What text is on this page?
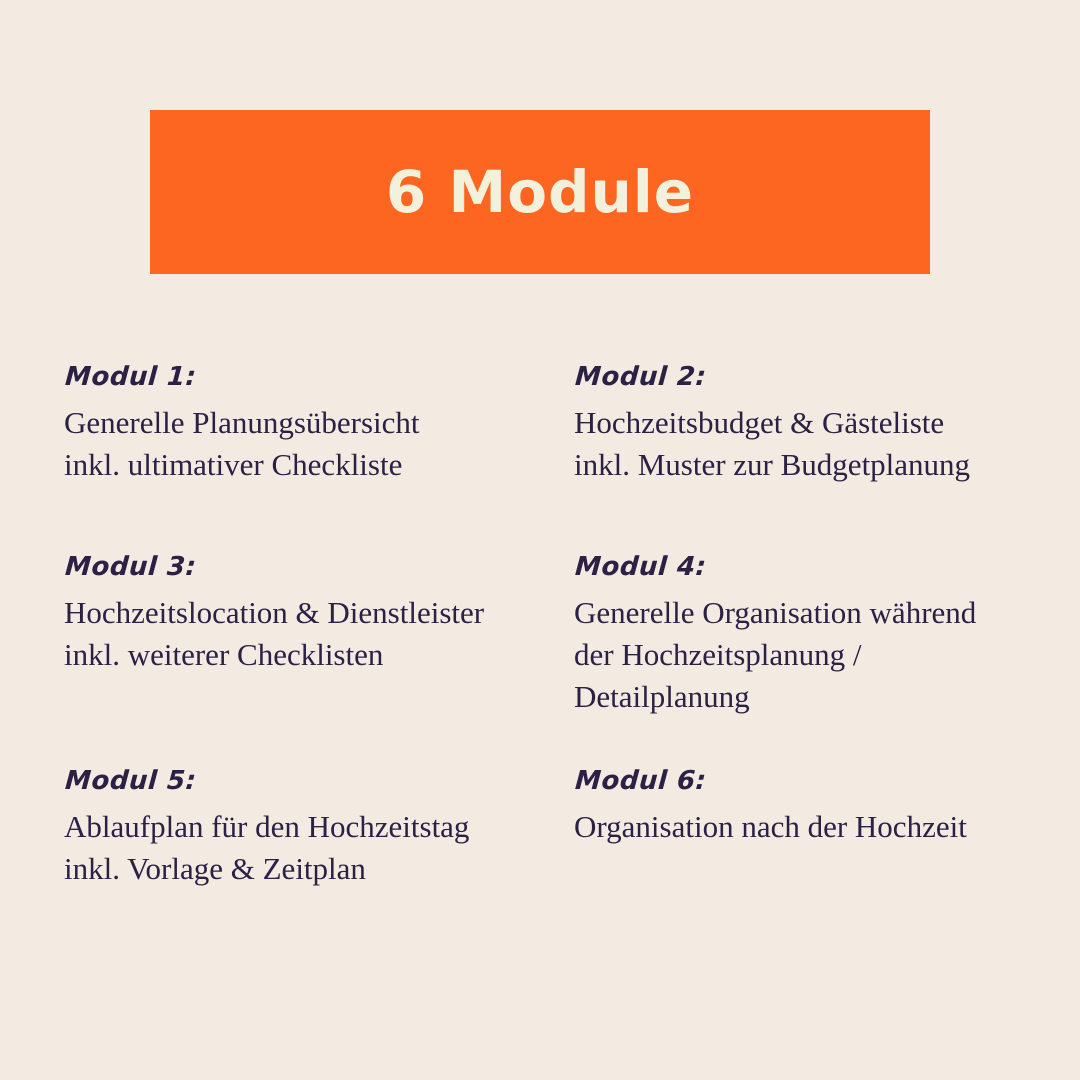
6 Module
Modul 1:
Generelle Planungsübersicht
inkl. ultimativer Checkliste
Modul 2:
Hochzeitsbudget & Gästeliste
inkl. Muster zur Budgetplanung
Modul 3:
Hochzeitslocation & Dienstleister
inkl. weiterer Checklisten
Modul 4:
Generelle Organisation während
der Hochzeitsplanung /
Detailplanung
Modul 5:
Ablaufplan für den Hochzeitstag
inkl. Vorlage & Zeitplan
Modul 6:
Organisation nach der Hochzeit
